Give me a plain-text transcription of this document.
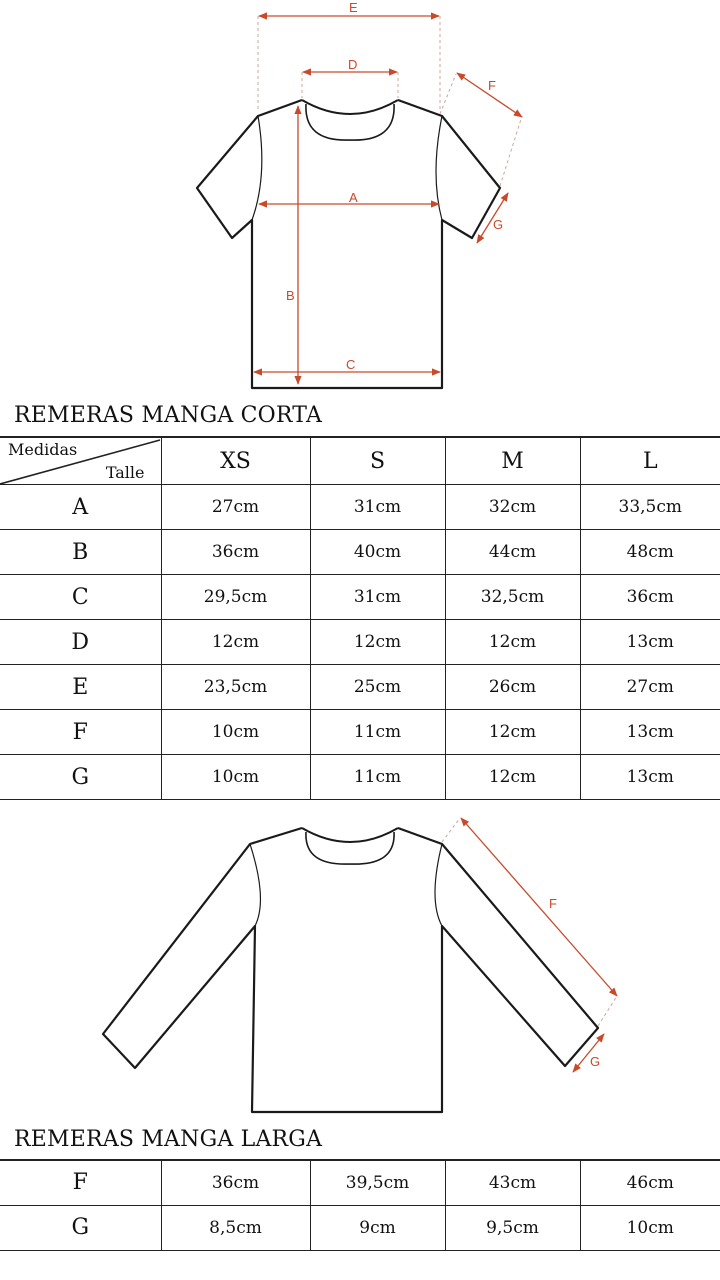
E
D
A
B
C
F
G
REMERAS MANGA CORTA
Medidas
Talle	XS	S	M	L
A	27cm	31cm	32cm	33,5cm
B	36cm	40cm	44cm	48cm
C	29,5cm	31cm	32,5cm	36cm
D	12cm	12cm	12cm	13cm
E	23,5cm	25cm	26cm	27cm
F	10cm	11cm	12cm	13cm
G	10cm	11cm	12cm	13cm
F
G
REMERAS MANGA LARGA
F	36cm	39,5cm	43cm	46cm
G	8,5cm	9cm	9,5cm	10cm
